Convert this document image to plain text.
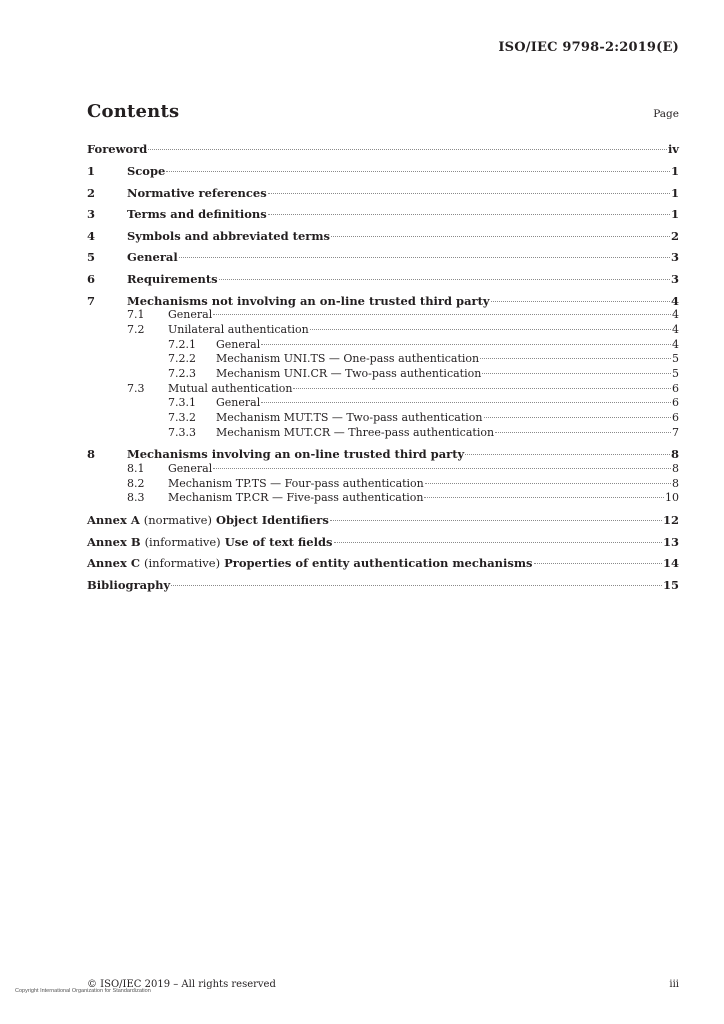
ISO/IEC 9798-2:2019(E)
Contents	Page
Foreword	iv
1	Scope	1
2	Normative references	1
3	Terms and definitions	1
4	Symbols and abbreviated terms	2
5	General	3
6	Requirements	3
7	Mechanisms not involving an on-line trusted third party	4
7.1	General	4
7.2	Unilateral authentication	4
7.2.1	General	4
7.2.2	Mechanism UNI.TS — One-pass authentication	5
7.2.3	Mechanism UNI.CR — Two-pass authentication	5
7.3	Mutual authentication	6
7.3.1	General	6
7.3.2	Mechanism MUT.TS — Two-pass authentication	6
7.3.3	Mechanism MUT.CR — Three-pass authentication	7
8	Mechanisms involving an on-line trusted third party	8
8.1	General	8
8.2	Mechanism TP.TS — Four-pass authentication	8
8.3	Mechanism TP.CR — Five-pass authentication	10
Annex A (normative) Object Identifiers	12
Annex B (informative) Use of text fields	13
Annex C (informative) Properties of entity authentication mechanisms	14
Bibliography	15
© ISO/IEC 2019 – All rights reserved	iii
Copyright International Organization for Standardization
